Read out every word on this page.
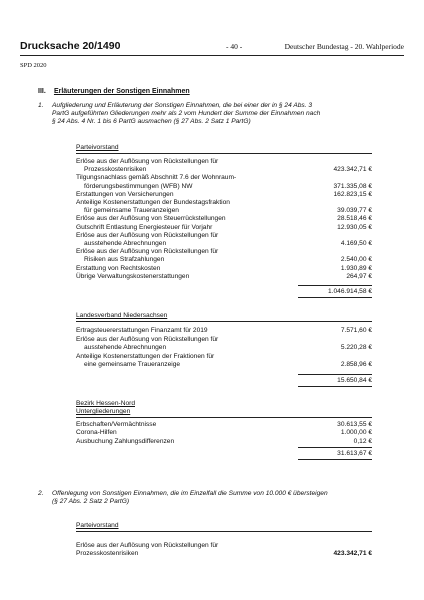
Drucksache 20/1490	- 40 -	Deutscher Bundestag - 20. Wahlperiode
SPD 2020
III. Erläuterungen der Sonstigen Einnahmen
1. Aufgliederung und Erläuterung der Sonstigen Einnahmen, die bei einer der in § 24 Abs. 3
PartG aufgeführten Gliederungen mehr als 2 vom Hundert der Summe der Einnahmen nach
§ 24 Abs. 4 Nr. 1 bis 6 PartG ausmachen (§ 27 Abs. 2 Satz 1 PartG)
Parteivorstand
Erlöse aus der Auflösung von Rückstellungen für
Prozesskostenrisiken	423.342,71 €
Tilgungsnachlass gemäß Abschnitt 7.6 der Wohnraum-
förderungsbestimmungen (WFB) NW	371.335,08 €
Erstattungen von Versicherungen	162.823,15 €
Anteilige Kostenerstattungen der Bundestagsfraktion
für gemeinsame Traueranzeigen	39.039,77 €
Erlöse aus der Auflösung von Steuerrückstellungen	28.518,46 €
Gutschrift Entlastung Energiesteuer für Vorjahr	12.930,05 €
Erlöse aus der Auflösung von Rückstellungen für
ausstehende Abrechnungen	4.169,50 €
Erlöse aus der Auflösung von Rückstellungen für
Risiken aus Strafzahlungen	2.540,00 €
Erstattung von Rechtskosten	1.930,89 €
Übrige Verwaltungskostenerstattungen	264,97 €
1.046.914,58 €
Landesverband Niedersachsen
Ertragsteuererstattungen Finanzamt für 2019	7.571,60 €
Erlöse aus der Auflösung von Rückstellungen für
ausstehende Abrechnungen	5.220,28 €
Anteilige Kostenerstattungen der Fraktionen für
eine gemeinsame Traueranzeige	2.858,96 €
15.650,84 €
Bezirk Hessen-Nord
Untergliederungen
Erbschaften/Vermächtnisse	30.613,55 €
Corona-Hilfen	1.000,00 €
Ausbuchung Zahlungsdifferenzen	0,12 €
31.613,67 €
2. Offenlegung von Sonstigen Einnahmen, die im Einzelfall die Summe von 10.000 € übersteigen
(§ 27 Abs. 2 Satz 2 PartG)
Parteivorstand
Erlöse aus der Auflösung von Rückstellungen für
Prozesskostenrisiken	423.342,71 €
